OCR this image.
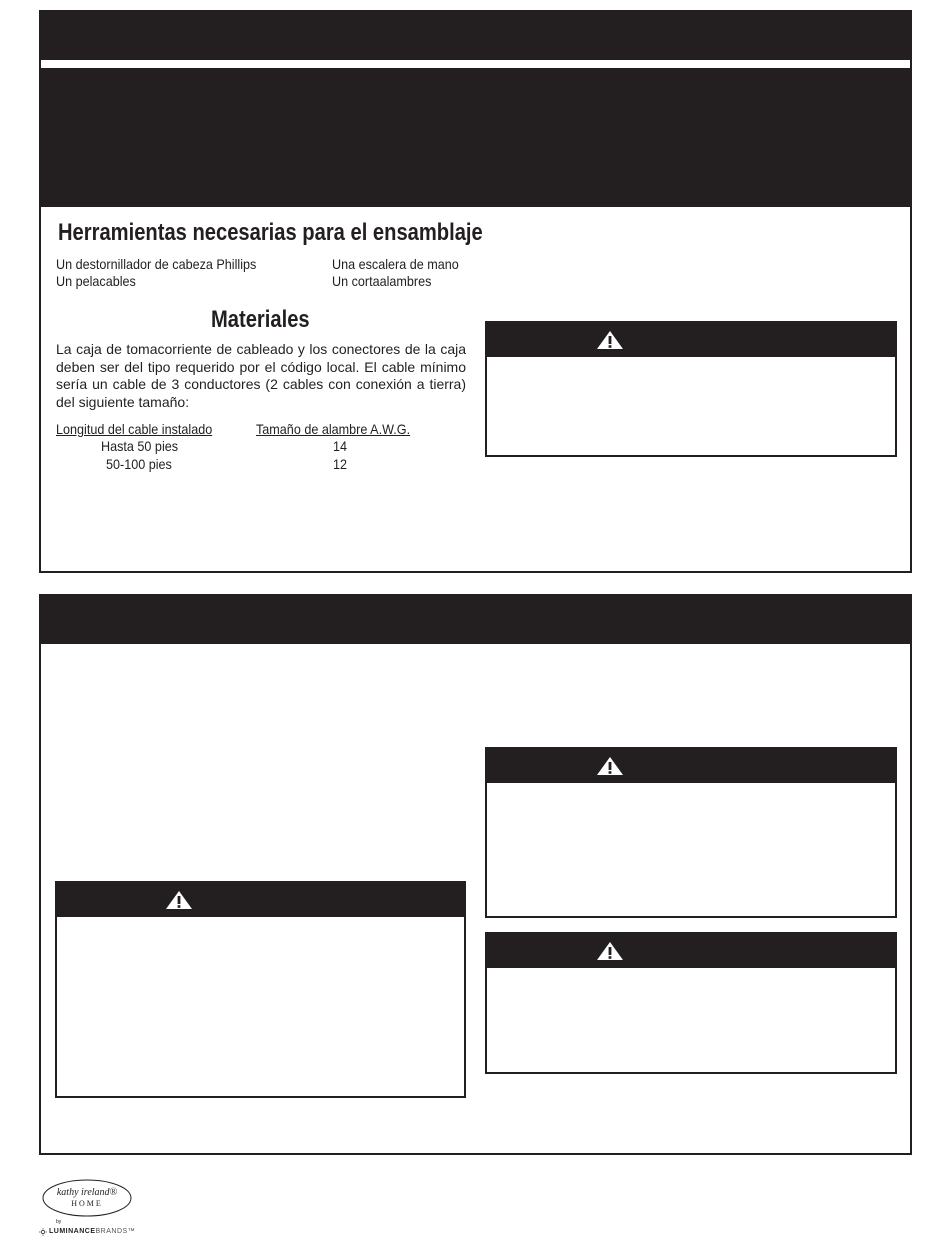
Herramientas necesarias para el ensamblaje
Un destornillador de cabeza Phillips	Una escalera de mano
Un pelacables	Un cortaalambres
Materiales
La caja de tomacorriente de cableado y los conectores de la caja deben ser del tipo requerido por el código local. El cable mínimo sería un cable de 3 conductores (2 cables con conexión a tierra) del siguiente tamaño:
Longitud del cable instalado	Tamaño de alambre A.W.G.
Hasta 50 pies	14
50-100 pies	12
kathy ireland®
HOME
by
LUMINANCEBRANDS™
